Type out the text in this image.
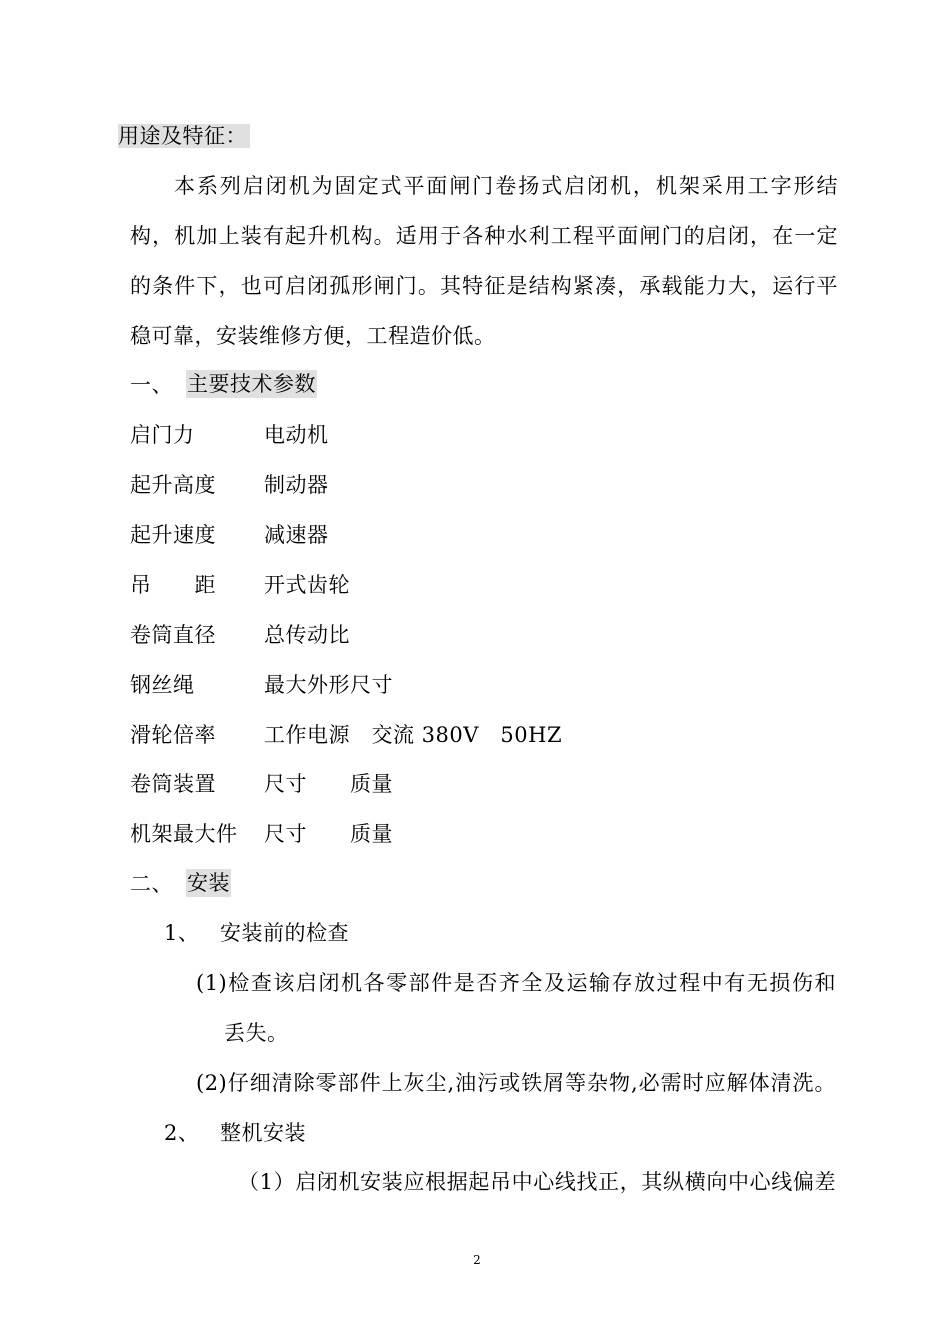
用途及特征：
本系列启闭机为固定式平面闸门卷扬式启闭机，机架采用工字形结
构，机加上装有起升机构。适用于各种水利工程平面闸门的启闭，在一定
的条件下，也可启闭孤形闸门。其特征是结构紧凑，承载能力大，运行平
稳可靠，安装维修方便，工程造价低。
一、 主要技术参数
启门力	电动机
起升高度 制动器
起升速度 减速器
吊　　距 开式齿轮
卷筒直径 总传动比
钢丝绳	最大外形尺寸
滑轮倍率 工作电源　交流 380V　50HZ
卷筒装置 尺寸　　质量
机架最大件 尺寸　　质量
二、 安装
1、 安装前的检查
(1)检查该启闭机各零部件是否齐全及运输存放过程中有无损伤和
丢失。
(2)仔细清除零部件上灰尘,油污或铁屑等杂物,必需时应解体清洗。
2、 整机安装
（1）启闭机安装应根据起吊中心线找正，其纵横向中心线偏差
2
